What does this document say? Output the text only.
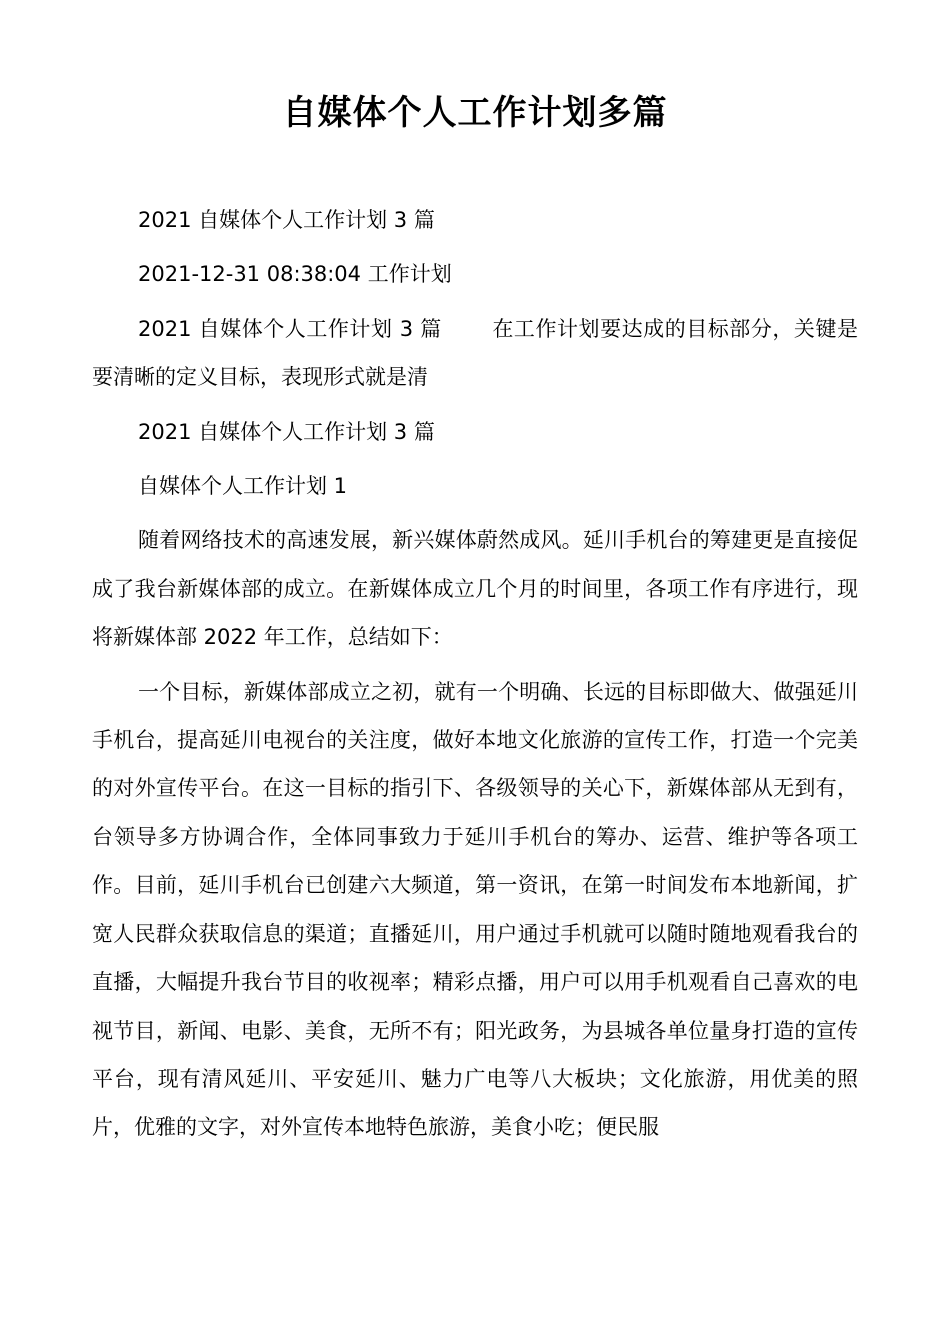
自媒体个人工作计划多篇

2021 自媒体个人工作计划 3 篇

2021-12-31 08:38:04 工作计划

2021 自媒体个人工作计划 3 篇 在工作计划要达成的目标部分，关键是要清晰的定义目标，表现形式就是清

2021 自媒体个人工作计划 3 篇

自媒体个人工作计划 1

随着网络技术的高速发展，新兴媒体蔚然成风。延川手机台的筹建更是直接促成了我台新媒体部的成立。在新媒体成立几个月的时间里，各项工作有序进行，现将新媒体部 2022 年工作，总结如下：

一个目标，新媒体部成立之初，就有一个明确、长远的目标即做大、做强延川手机台，提高延川电视台的关注度，做好本地文化旅游的宣传工作，打造一个完美的对外宣传平台。在这一目标的指引下、各级领导的关心下，新媒体部从无到有，台领导多方协调合作，全体同事致力于延川手机台的筹办、运营、维护等各项工作。目前，延川手机台已创建六大频道，第一资讯，在第一时间发布本地新闻，扩宽人民群众获取信息的渠道；直播延川，用户通过手机就可以随时随地观看我台的直播，大幅提升我台节目的收视率；精彩点播，用户可以用手机观看自己喜欢的电视节目，新闻、电影、美食，无所不有；阳光政务，为县城各单位量身打造的宣传平台，现有清风延川、平安延川、魅力广电等八大板块；文化旅游，用优美的照片，优雅的文字，对外宣传本地特色旅游，美食小吃；便民服
